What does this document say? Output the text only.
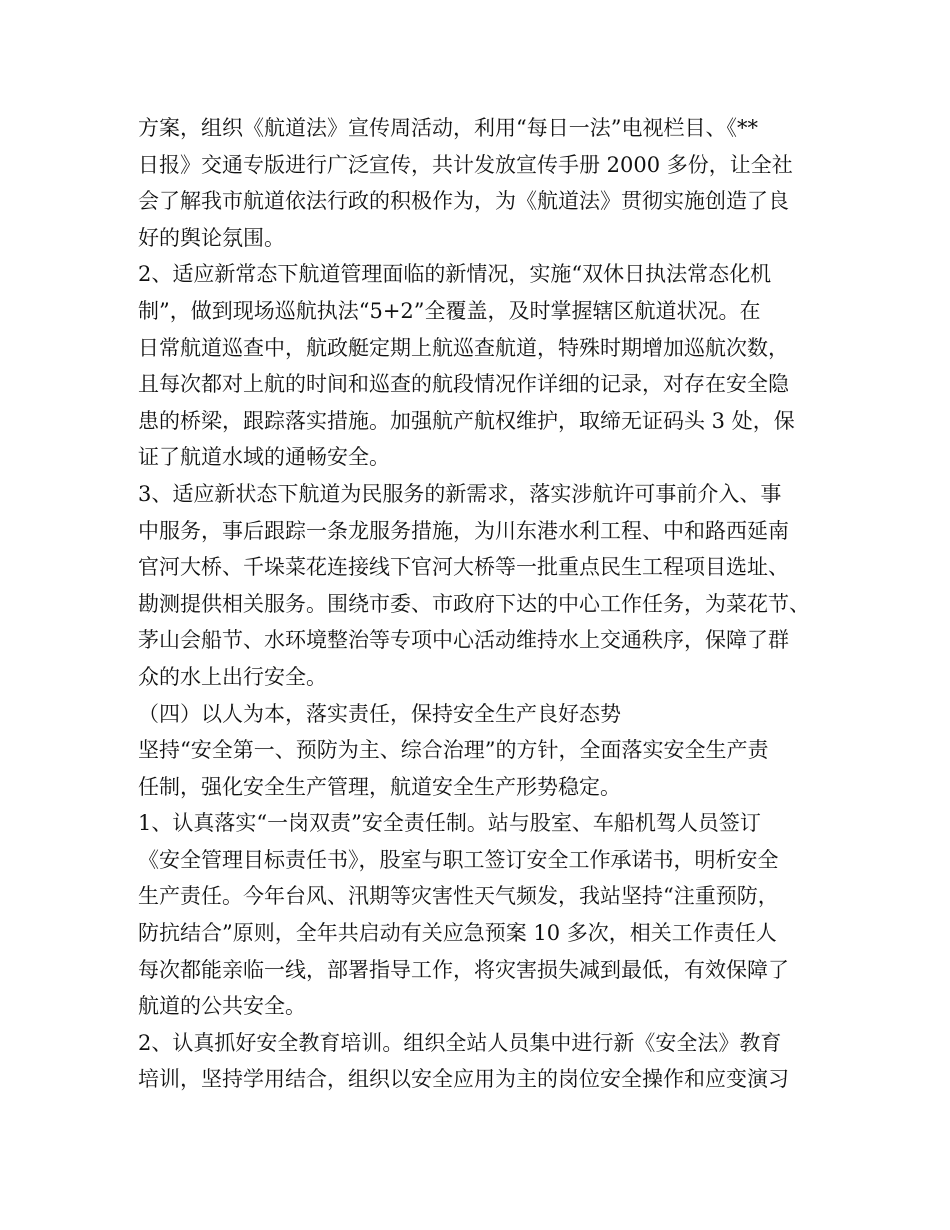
方案，组织《航道法》宣传周活动，利用“每日一法”电视栏目、《**
日报》交通专版进行广泛宣传，共计发放宣传手册 2000 多份，让全社
会了解我市航道依法行政的积极作为，为《航道法》贯彻实施创造了良
好的舆论氛围。
2、适应新常态下航道管理面临的新情况，实施“双休日执法常态化机
制”，做到现场巡航执法“5+2”全覆盖，及时掌握辖区航道状况。在
日常航道巡查中，航政艇定期上航巡查航道，特殊时期增加巡航次数，
且每次都对上航的时间和巡查的航段情况作详细的记录，对存在安全隐
患的桥梁，跟踪落实措施。加强航产航权维护，取缔无证码头 3 处，保
证了航道水域的通畅安全。
3、适应新状态下航道为民服务的新需求，落实涉航许可事前介入、事
中服务，事后跟踪一条龙服务措施，为川东港水利工程、中和路西延南
官河大桥、千垛菜花连接线下官河大桥等一批重点民生工程项目选址、
勘测提供相关服务。围绕市委、市政府下达的中心工作任务，为菜花节、
茅山会船节、水环境整治等专项中心活动维持水上交通秩序，保障了群
众的水上出行安全。
（四）以人为本，落实责任，保持安全生产良好态势
坚持“安全第一、预防为主、综合治理”的方针，全面落实安全生产责
任制，强化安全生产管理，航道安全生产形势稳定。
1、认真落实“一岗双责”安全责任制。站与股室、车船机驾人员签订
《安全管理目标责任书》，股室与职工签订安全工作承诺书，明析安全
生产责任。今年台风、汛期等灾害性天气频发，我站坚持“注重预防，
防抗结合”原则，全年共启动有关应急预案 10 多次，相关工作责任人
每次都能亲临一线，部署指导工作，将灾害损失减到最低，有效保障了
航道的公共安全。
2、认真抓好安全教育培训。组织全站人员集中进行新《安全法》教育
培训，坚持学用结合，组织以安全应用为主的岗位安全操作和应变演习
